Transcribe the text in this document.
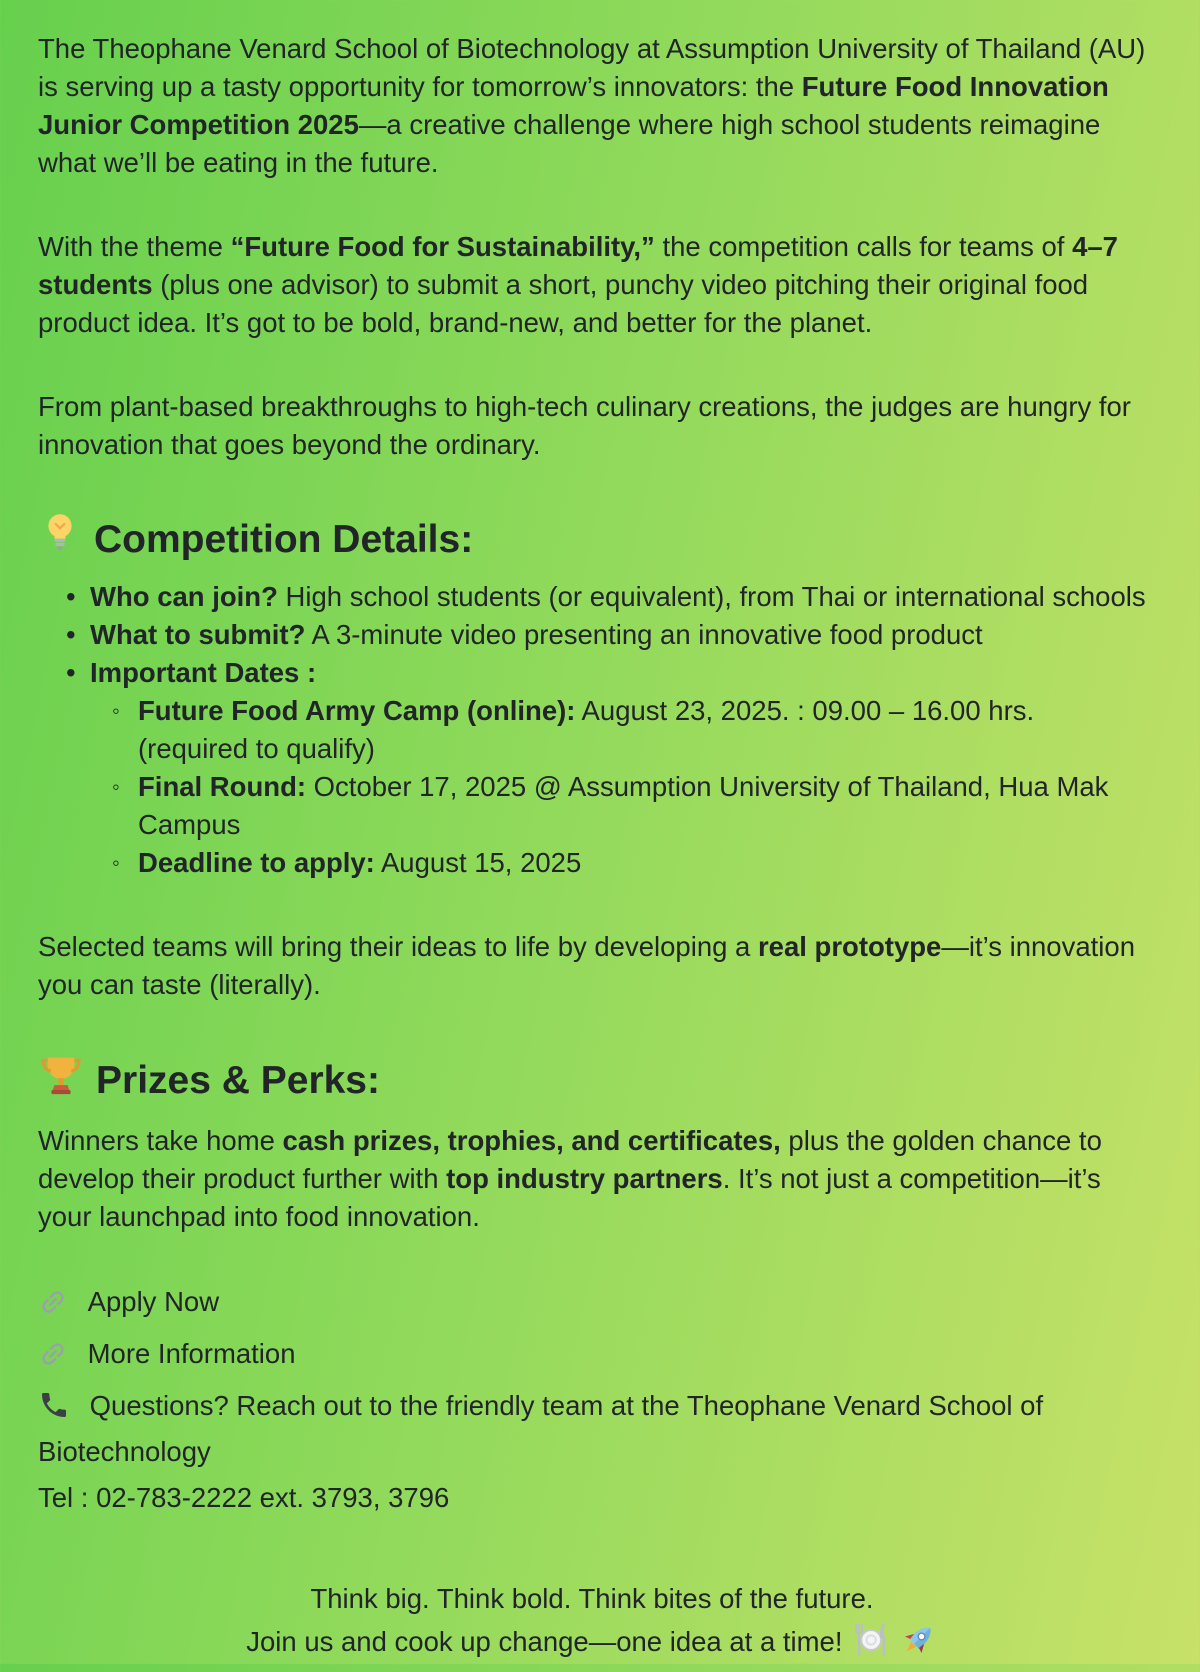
The Theophane Venard School of Biotechnology at Assumption University of Thailand (AU) is serving up a tasty opportunity for tomorrow’s innovators: the Future Food Innovation Junior Competition 2025—a creative challenge where high school students reimagine what we’ll be eating in the future.

With the theme “Future Food for Sustainability,” the competition calls for teams of 4–7 students (plus one advisor) to submit a short, punchy video pitching their original food product idea. It’s got to be bold, brand-new, and better for the planet.

From plant-based breakthroughs to high-tech culinary creations, the judges are hungry for innovation that goes beyond the ordinary.

Competition Details:
• Who can join? High school students (or equivalent), from Thai or international schools
• What to submit? A 3-minute video presenting an innovative food product
• Important Dates :
◦ Future Food Army Camp (online): August 23, 2025. : 09.00 – 16.00 hrs. (required to qualify)
◦ Final Round: October 17, 2025 @ Assumption University of Thailand, Hua Mak Campus
◦ Deadline to apply: August 15, 2025

Selected teams will bring their ideas to life by developing a real prototype—it’s innovation you can taste (literally).

Prizes & Perks:

Winners take home cash prizes, trophies, and certificates, plus the golden chance to develop their product further with top industry partners. It’s not just a competition—it’s your launchpad into food innovation.

Apply Now

More Information

Questions? Reach out to the friendly team at the Theophane Venard School of Biotechnology

Tel : 02-783-2222 ext. 3793, 3796

Think big. Think bold. Think bites of the future.
Join us and cook up change—one idea at a time!
